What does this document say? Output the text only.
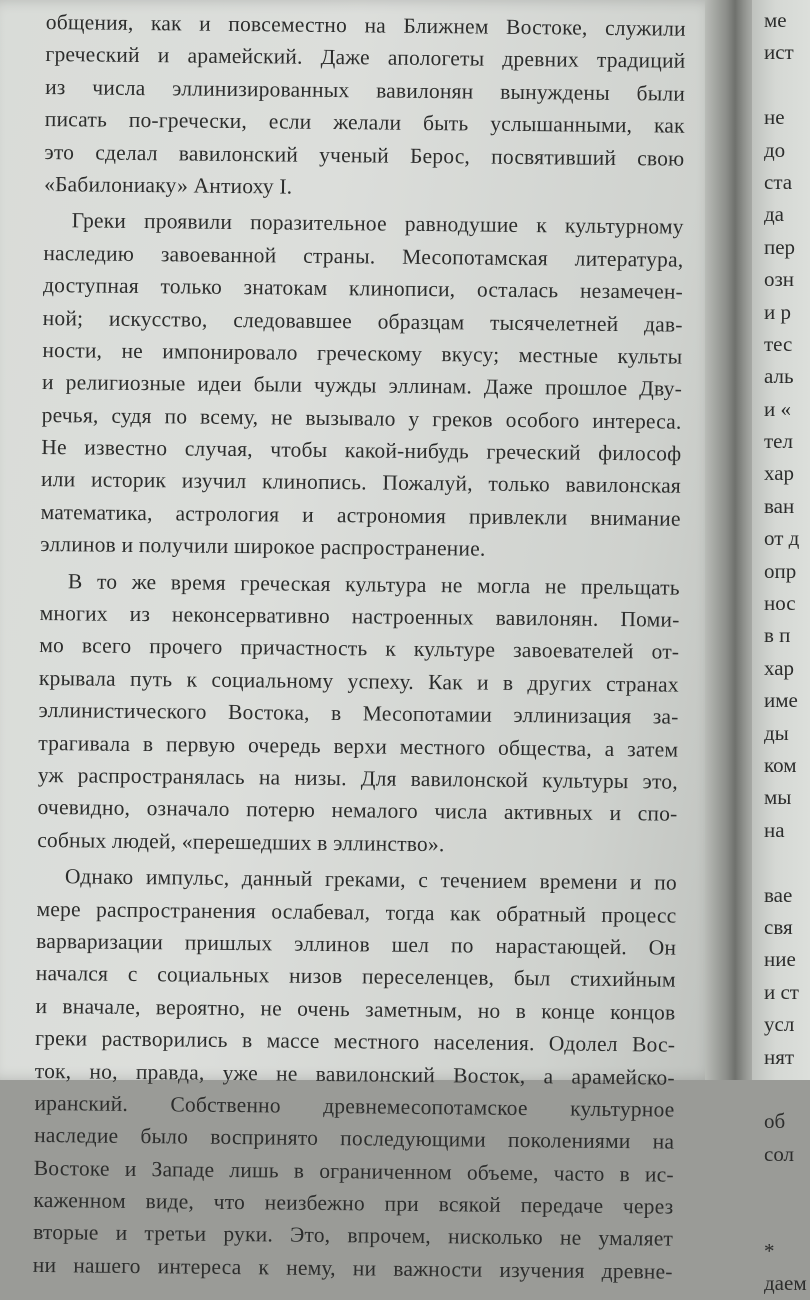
общения, как и повсеместно на Ближнем Востоке, служили
греческий и арамейский. Даже апологеты древних традиций
из числа эллинизированных вавилонян вынуждены были
писать по-гречески, если желали быть услышанными, как
это сделал вавилонский ученый Берос, посвятивший свою
«Бабилониаку» Антиоху I.
Греки проявили поразительное равнодушие к культурному
наследию завоеванной страны. Месопотамская литература,
доступная только знатокам клинописи, осталась незамечен-
ной; искусство, следовавшее образцам тысячелетней дав-
ности, не импонировало греческому вкусу; местные культы
и религиозные идеи были чужды эллинам. Даже прошлое Дву-
речья, судя по всему, не вызывало у греков особого интереса.
Не известно случая, чтобы какой-нибудь греческий философ
или историк изучил клинопись. Пожалуй, только вавилонская
математика, астрология и астрономия привлекли внимание
эллинов и получили широкое распространение.
В то же время греческая культура не могла не прельщать
многих из неконсервативно настроенных вавилонян. Поми-
мо всего прочего причастность к культуре завоевателей от-
крывала путь к социальному успеху. Как и в других странах
эллинистического Востока, в Месопотамии эллинизация за-
трагивала в первую очередь верхи местного общества, а затем
уж распространялась на низы. Для вавилонской культуры это,
очевидно, означало потерю немалого числа активных и спо-
собных людей, «перешедших в эллинство».
Однако импульс, данный греками, с течением времени и по
мере распространения ослабевал, тогда как обратный процесс
варваризации пришлых эллинов шел по нарастающей. Он
начался с социальных низов переселенцев, был стихийным
и вначале, вероятно, не очень заметным, но в конце концов
греки растворились в массе местного населения. Одолел Вос-
ток, но, правда, уже не вавилонский Восток, а арамейско-
иранский. Собственно древнемесопотамское культурное
наследие было воспринято последующими поколениями на
Востоке и Западе лишь в ограниченном объеме, часто в ис-
каженном виде, что неизбежно при всякой передаче через
вторые и третьи руки. Это, впрочем, нисколько не умаляет
ни нашего интереса к нему, ни важности изучения древне-
ме
ист
не
до
ста
да
пер
озн
и р
тес
аль
и «
тел
хар
ван
от д
опр
нос
в п
хар
име
ды
ком
мы
на
вае
свя
ние
и ст
усл
нят
об
сол
*
даем
